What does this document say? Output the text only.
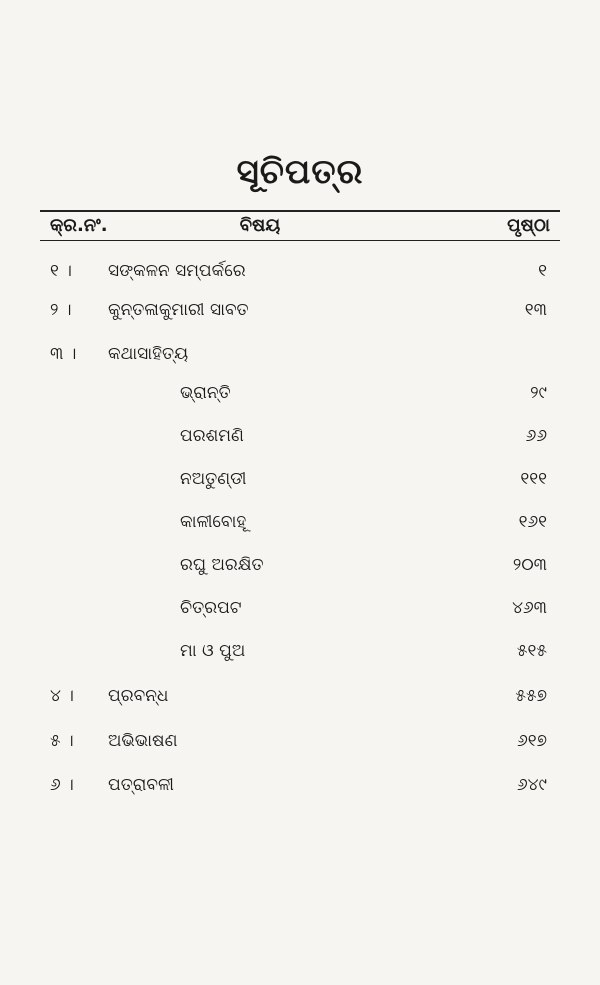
ସୂଚିପତ୍ର
କ୍ର.ନଂ.	ବିଷୟ	ପୃଷ୍ଠା
୧ । ସଙ୍କଳନ ସମ୍ପର୍କରେ	୧
୨ । କୁନ୍ତଳାକୁମାରୀ ସାବତ	୧୩
୩ । କଥାସାହିତ୍ୟ
ଭ୍ରାନ୍ତି	୨୯
ପରଶମଣି	୬୬
ନଅତୁଣ୍ଡୀ	୧୧୧
କାଳୀବୋହୂ	୧୬୧
ରଘୁ ଅରକ୍ଷିତ	୨୦୩
ଚିତ୍ରପଟ	୪୬୩
ମା ଓ ପୁଅ	୫୧୫
୪ । ପ୍ରବନ୍ଧ	୫୫୭
୫ । ଅଭିଭାଷଣ	୬୧୭
୬ । ପତ୍ରାବଳୀ	୬୪୯
